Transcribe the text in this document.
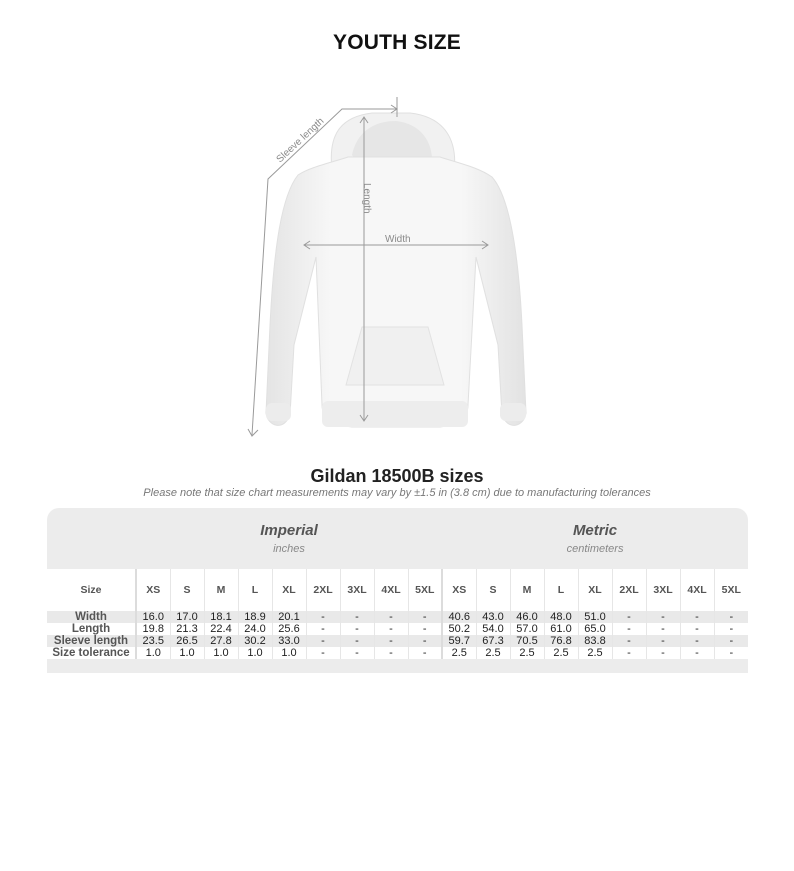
YOUTH SIZE
Sleeve length
Length
Width
Gildan 18500B sizes
Please note that size chart measurements may vary by ±1.5 in (3.8 cm) due to manufacturing tolerances

	Imperial
inches									Metric
centimeters								

Size	XS	S	M	L	XL	2XL	3XL	4XL	5XL	XS	S	M	L	XL	2XL	3XL	4XL	5XL
Width	16.0	17.0	18.1	18.9	20.1	-	-	-	-	40.6	43.0	46.0	48.0	51.0	-	-	-	-
Length	19.8	21.3	22.4	24.0	25.6	-	-	-	-	50.2	54.0	57.0	61.0	65.0	-	-	-	-
Sleeve length	23.5	26.5	27.8	30.2	33.0	-	-	-	-	59.7	67.3	70.5	76.8	83.8	-	-	-	-
Size tolerance	1.0	1.0	1.0	1.0	1.0	-	-	-	-	2.5	2.5	2.5	2.5	2.5	-	-	-	-
